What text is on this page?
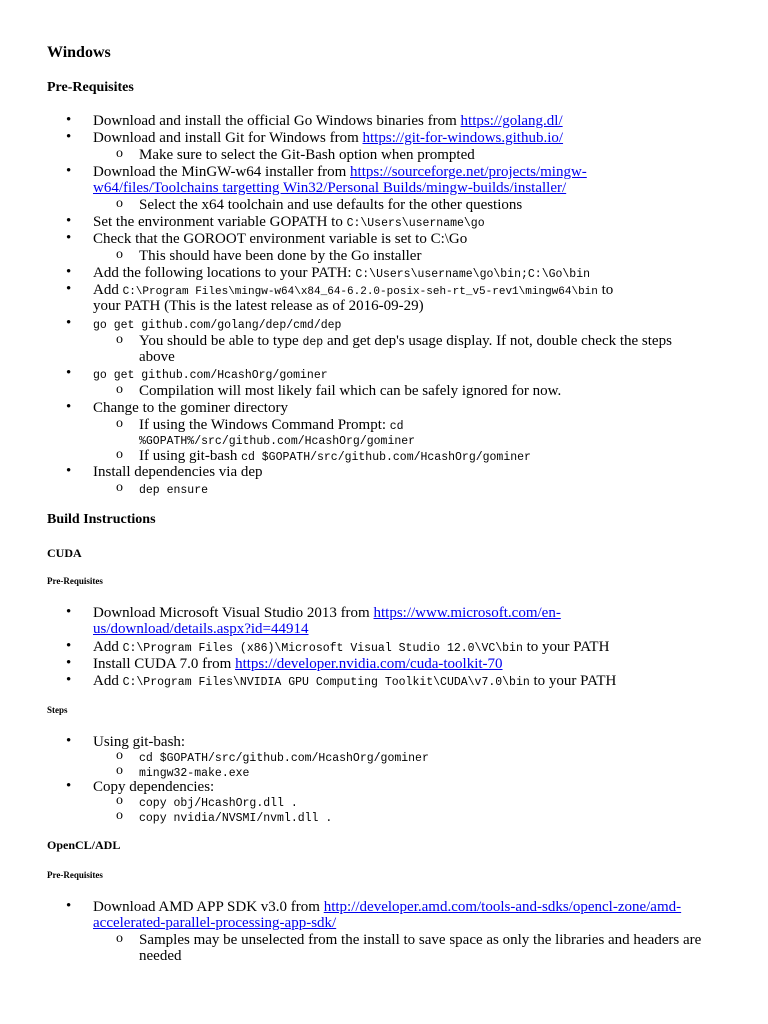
Windows
Pre-Requisites
• Download and install the official Go Windows binaries from https://golang.dl/
• Download and install Git for Windows from https://git-for-windows.github.io/
o Make sure to select the Git-Bash option when prompted
• Download the MinGW-w64 installer from https://sourceforge.net/projects/mingw-
w64/files/Toolchains targetting Win32/Personal Builds/mingw-builds/installer/
o Select the x64 toolchain and use defaults for the other questions
• Set the environment variable GOPATH to C:\Users\username\go
• Check that the GOROOT environment variable is set to C:\Go
o This should have been done by the Go installer
• Add the following locations to your PATH: C:\Users\username\go\bin;C:\Go\bin
• Add C:\Program Files\mingw-w64\x84_64-6.2.0-posix-seh-rt_v5-rev1\mingw64\bin to
your PATH (This is the latest release as of 2016-09-29)
• go get github.com/golang/dep/cmd/dep
o You should be able to type dep and get dep's usage display. If not, double check the steps
above
• go get github.com/HcashOrg/gominer
o Compilation will most likely fail which can be safely ignored for now.
• Change to the gominer directory
o If using the Windows Command Prompt: cd
%GOPATH%/src/github.com/HcashOrg/gominer
o If using git-bash cd $GOPATH/src/github.com/HcashOrg/gominer
• Install dependencies via dep
o dep ensure
Build Instructions
CUDA
Pre-Requisites
• Download Microsoft Visual Studio 2013 from https://www.microsoft.com/en-
us/download/details.aspx?id=44914
• Add C:\Program Files (x86)\Microsoft Visual Studio 12.0\VC\bin to your PATH
• Install CUDA 7.0 from https://developer.nvidia.com/cuda-toolkit-70
• Add C:\Program Files\NVIDIA GPU Computing Toolkit\CUDA\v7.0\bin to your PATH
Steps
• Using git-bash:
o cd $GOPATH/src/github.com/HcashOrg/gominer
o mingw32-make.exe
• Copy dependencies:
o copy obj/HcashOrg.dll .
o copy nvidia/NVSMI/nvml.dll .
OpenCL/ADL
Pre-Requisites
• Download AMD APP SDK v3.0 from http://developer.amd.com/tools-and-sdks/opencl-zone/amd-
accelerated-parallel-processing-app-sdk/
o Samples may be unselected from the install to save space as only the libraries and headers are
needed
